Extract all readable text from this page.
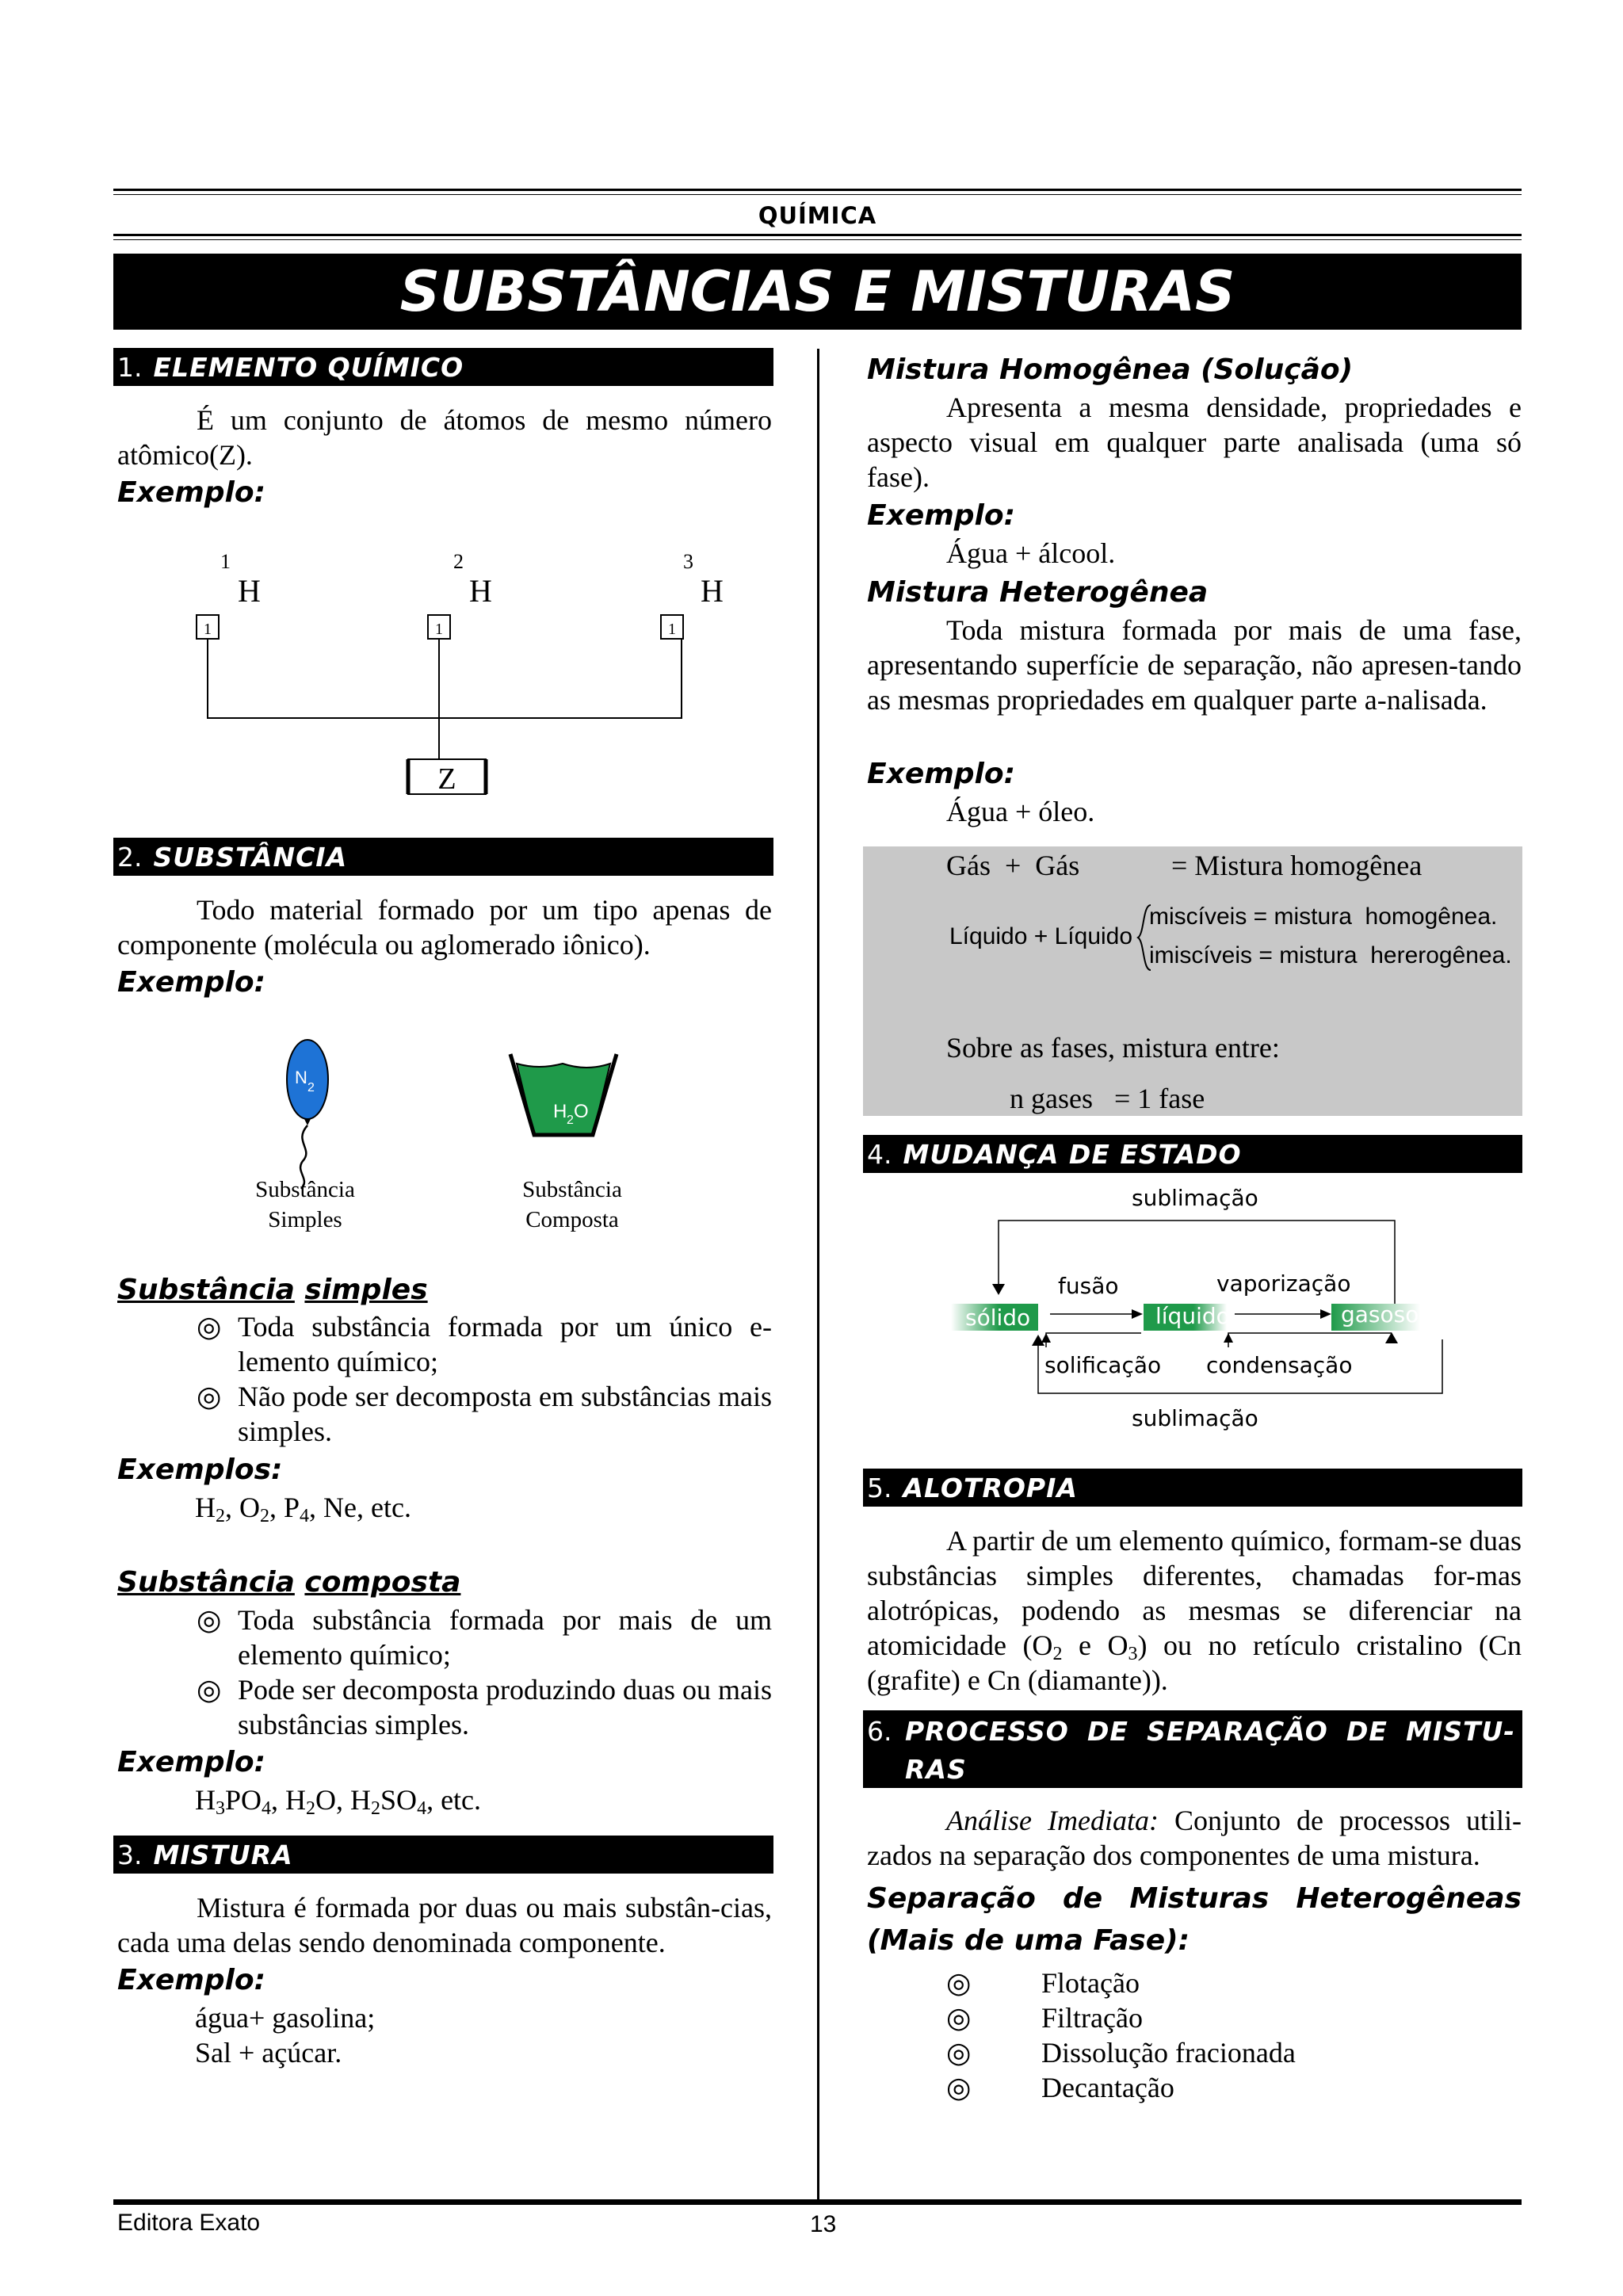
QUÍMICA
SUBSTÂNCIAS E MISTURAS
1. ELEMENTO QUÍMICO
É um conjunto de átomos de mesmo número atômico(Z).
Exemplo:
1
H
2
H
3
H
1	1	1
Z
2. SUBSTÂNCIA
Todo material formado por um tipo apenas de componente (molécula ou aglomerado iônico).
Exemplo:
N
2
H 2 O
Substância
Simples
Substância
Composta
Substância simples
◎ Toda substância formada por um único e-lemento químico;
◎ Não pode ser decomposta em substâncias mais simples.
Exemplos:
$H_2$, $O_2$, $P_4$, Ne, etc.
Substância composta
◎ Toda substância formada por mais de um elemento químico;
◎ Pode ser decomposta produzindo duas ou mais substâncias simples.
Exemplo:
$H_3PO_4$, $H_2O$, $H_2SO_4$, etc.
3. MISTURA
Mistura é formada por duas ou mais substân-cias, cada uma delas sendo denominada componente.
Exemplo:
água+ gasolina;
Sal + açúcar.
Mistura Homogênea (Solução)
Apresenta a mesma densidade, propriedades e aspecto visual em qualquer parte analisada (uma só fase).
Exemplo:
Água + álcool.
Mistura Heterogênea
Toda mistura formada por mais de uma fase, apresentando superfície de separação, não apresen-tando as mesmas propriedades em qualquer parte a-nalisada.
Exemplo:
Água + óleo.
Gás  +  Gás	= Mistura homogênea
Líquido + Líquido
miscíveis = mistura  homogênea.
imiscíveis = mistura  hererogênea.
Sobre as fases, mistura entre:
n gases   = 1 fase
4. MUDANÇA DE ESTADO
sublimação
fusão	vaporização
solificação condensação
sublimação
sólido	líquido	gasoso
5. ALOTROPIA
A partir de um elemento químico, formam-se duas substâncias simples diferentes, chamadas for-mas alotrópicas, podendo as mesmas se diferenciar na atomicidade ($O_2$ e $O_3$) ou no retículo cristalino (Cn (grafite) e Cn (diamante)).
6. PROCESSO DE SEPARAÇÃO DE MISTU-
RAS
Análise Imediata: Conjunto de processos utili-zados na separação dos componentes de uma mistura.
Separação de Misturas Heterogêneas
(Mais de uma Fase):
◎ Flotação
◎ Filtração
◎ Dissolução fracionada
◎ Decantação
Editora Exato	13
